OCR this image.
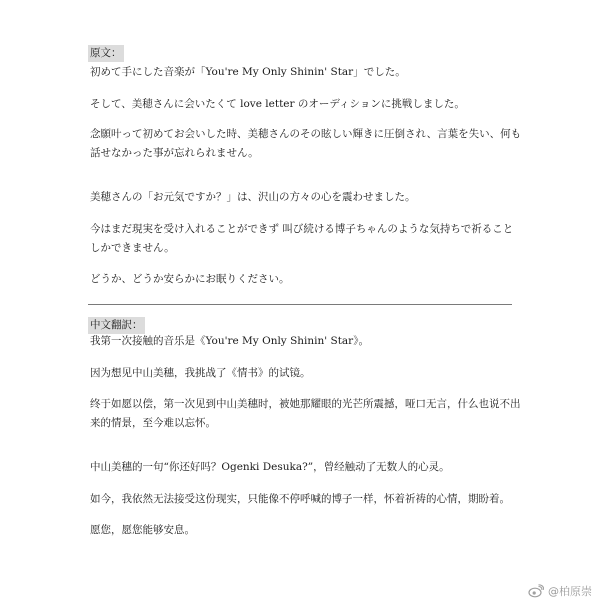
原文：

初めて手にした音楽が「You're My Only Shinin' Star」でした。

そして、美穂さんに会いたくて love letter のオーディションに挑戦しました。

念願叶って初めてお会いした時、美穂さんのその眩しい輝きに圧倒され、言葉を失い、何も話せなかった事が忘れられません。

美穂さんの「お元気ですか？」は、沢山の方々の心を震わせました。

今はまだ現実を受け入れることができず 叫び続ける博子ちゃんのような気持ちで祈ることしかできません。

どうか、どうか安らかにお眠りください。

中文翻訳：

我第一次接触的音乐是《You're My Only Shinin' Star》。

因为想见中山美穗，我挑战了《情书》的试镜。

终于如愿以偿，第一次见到中山美穗时，被她那耀眼的光芒所震撼，哑口无言，什么也说不出来的情景，至今难以忘怀。

中山美穗的一句“你还好吗？Ogenki Desuka?”，曾经触动了无数人的心灵。

如今，我依然无法接受这份现实，只能像不停呼喊的博子一样，怀着祈祷的心情，期盼着。

愿您，愿您能够安息。

@柏原崇
